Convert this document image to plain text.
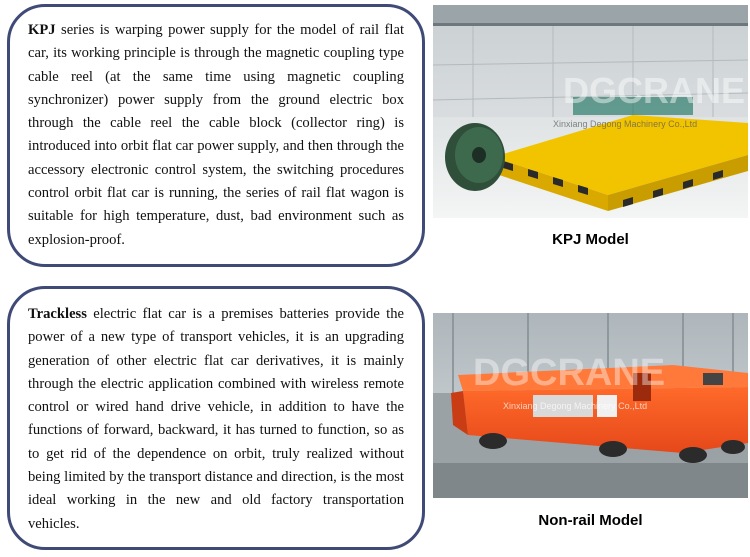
KPJ series is warping power supply for the model of rail flat car, its working principle is through the magnetic coupling type cable reel (at the same time using magnetic coupling synchronizer) power supply from the ground electric box through the cable reel the cable block (collector ring) is introduced into orbit flat car power supply, and then through the accessory electronic control system, the switching procedures control orbit flat car is running, the series of rail flat wagon is suitable for high temperature, dust, bad environment such as explosion-proof.

DGCRANE
Xinxiang Degong Machinery Co.,Ltd
KPJ Model

Trackless electric flat car is a premises batteries provide the power of a new type of transport vehicles, it is an upgrading generation of other electric flat car derivatives, it is mainly through the electric application combined with wireless remote control or wired hand drive vehicle, in addition to have the functions of forward, backward, it has turned to function, so as to get rid of the dependence on orbit, truly realized without being limited by the transport distance and direction, is the most ideal working in the new and old factory transportation vehicles.

DGCRANE
Xinxiang Degong Machinery Co.,Ltd
Non-rail Model
